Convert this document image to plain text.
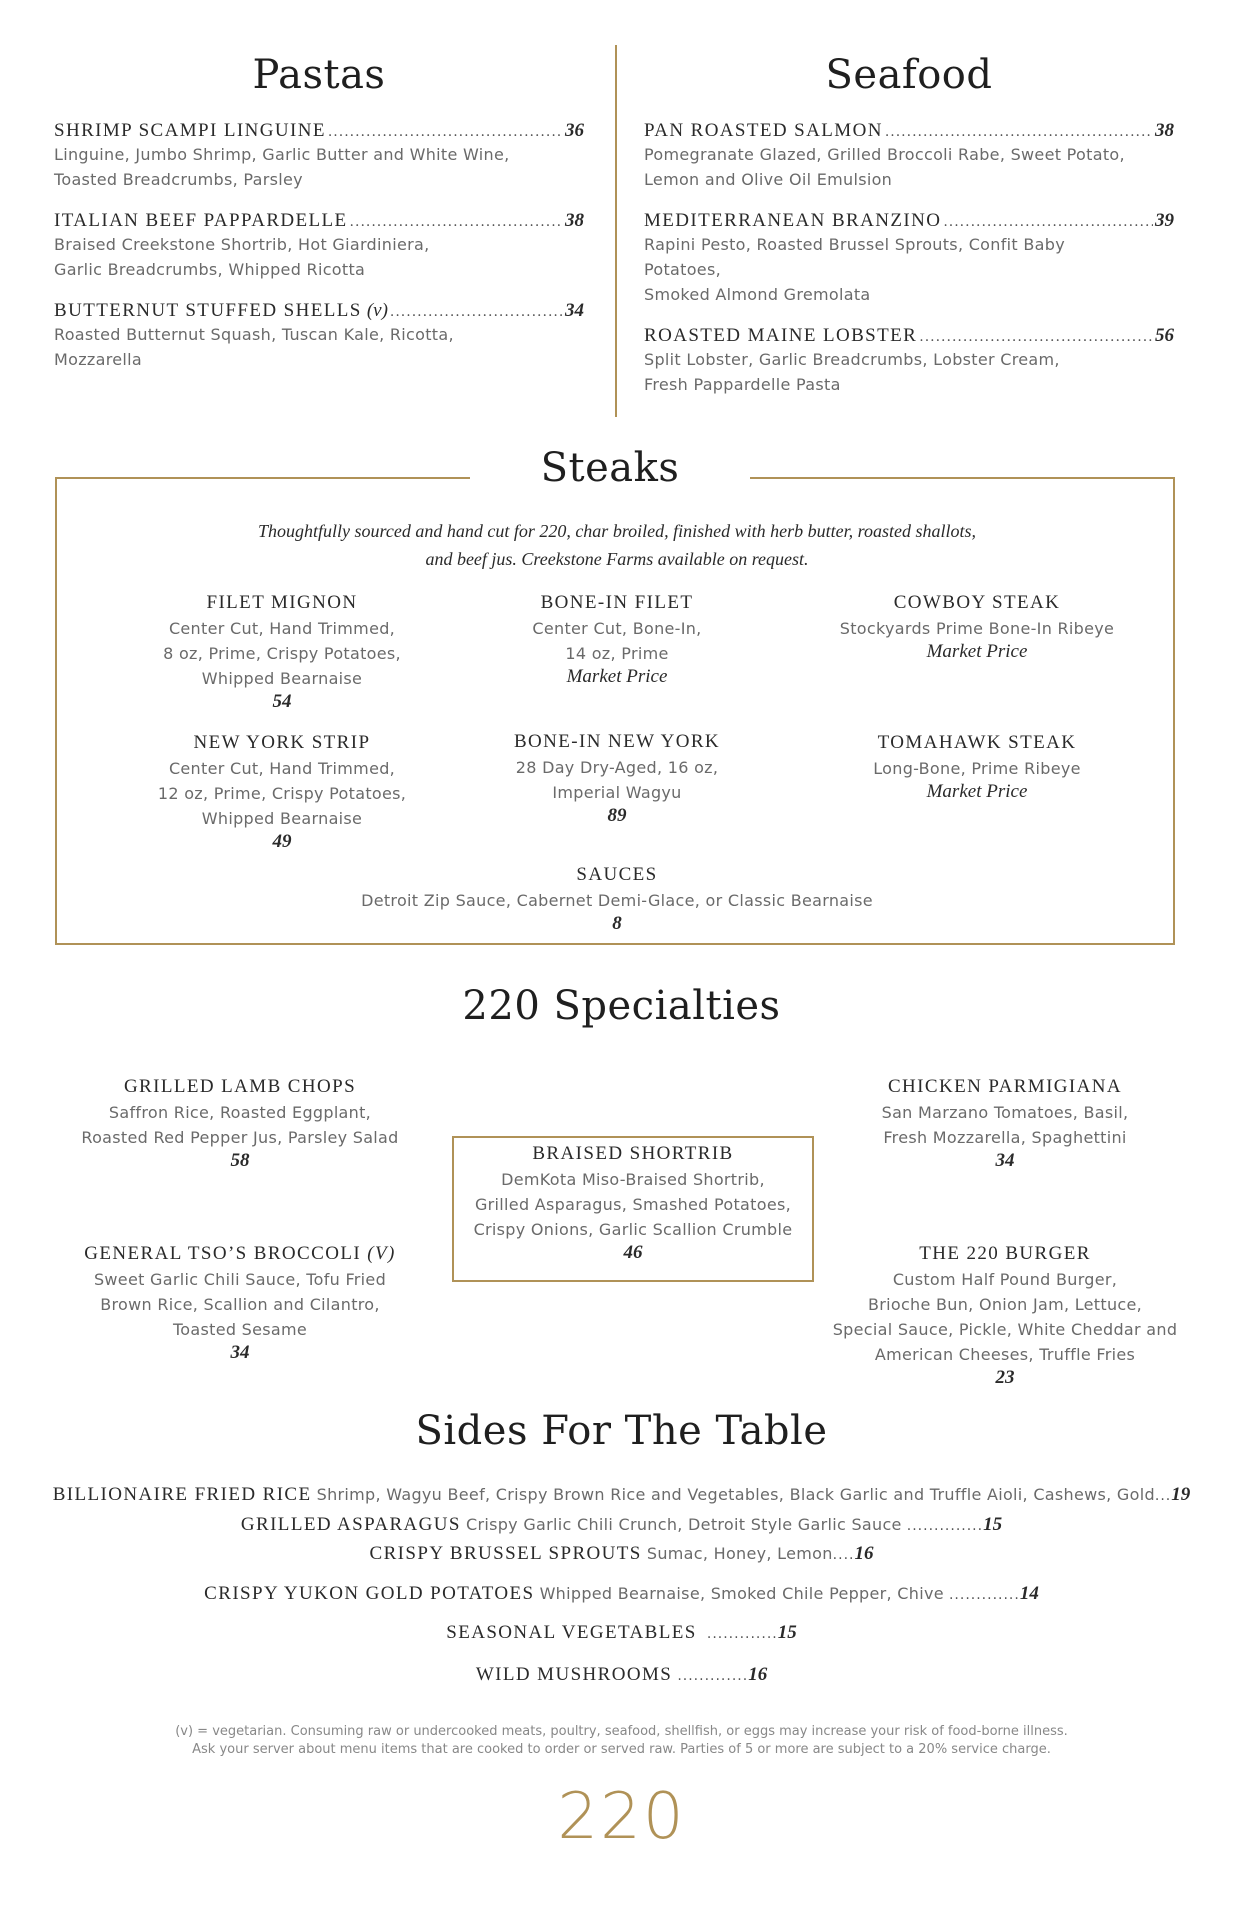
Pastas
SHRIMP SCAMPI LINGUINE .....	36
Linguine, Jumbo Shrimp, Garlic Butter and White Wine,
Toasted Breadcrumbs, Parsley
ITALIAN BEEF PAPPARDELLE .....	38
Braised Creekstone Shortrib, Hot Giardiniera,
Garlic Breadcrumbs, Whipped Ricotta
BUTTERNUT STUFFED SHELLS
(v) .....	34
Roasted Butternut Squash, Tuscan Kale, Ricotta,
Mozzarella
Seafood
PAN ROASTED SALMON .....	38
Pomegranate Glazed, Grilled Broccoli Rabe, Sweet Potato,
Lemon and Olive Oil Emulsion
MEDITERRANEAN BRANZINO .....	39
Rapini Pesto, Roasted Brussel Sprouts, Confit Baby Potatoes,
Smoked Almond Gremolata
ROASTED MAINE LOBSTER .....	56
Split Lobster, Garlic Breadcrumbs, Lobster Cream,
Fresh Pappardelle Pasta
Thoughtfully sourced and hand cut for 220, char broiled, finished with herb butter, roasted shallots,
and beef jus. Creekstone Farms available on request.
FILET MIGNON
Center Cut, Hand Trimmed,
8 oz, Prime, Crispy Potatoes,
Whipped Bearnaise
54
BONE-IN FILET
Center Cut, Bone-In,
14 oz, Prime
Market Price
COWBOY STEAK
Stockyards Prime Bone-In Ribeye
Market Price
NEW YORK STRIP
Center Cut, Hand Trimmed,
12 oz, Prime, Crispy Potatoes,
Whipped Bearnaise
49
BONE-IN NEW YORK
28 Day Dry-Aged, 16 oz,
Imperial Wagyu
89
TOMAHAWK STEAK
Long-Bone, Prime Ribeye
Market Price
SAUCES
Detroit Zip Sauce, Cabernet Demi-Glace, or Classic Bearnaise
8
Steaks
220 Specialties
GRILLED LAMB CHOPS
Saffron Rice, Roasted Eggplant,
Roasted Red Pepper Jus, Parsley Salad
58	BRAISED SHORTRIB
DemKota Miso-Braised Shortrib,
Grilled Asparagus, Smashed Potatoes,
Crispy Onions, Garlic Scallion Crumble
46
CHICKEN PARMIGIANA
San Marzano Tomatoes, Basil,
Fresh Mozzarella, Spaghettini
34
GENERAL TSO’S BROCCOLI (V)
Sweet Garlic Chili Sauce, Tofu Fried
Brown Rice, Scallion and Cilantro,
Toasted Sesame
34
THE 220 BURGER
Custom Half Pound Burger,
Brioche Bun, Onion Jam, Lettuce,
Special Sauce, Pickle, White Cheddar and
American Cheeses, Truffle Fries
23
Sides For The Table
BILLIONAIRE FRIED RICE Shrimp, Wagyu Beef, Crispy Brown Rice and Vegetables, Black Garlic and Truffle Aioli, Cashews, Gold...19
GRILLED ASPARAGUS Crispy Garlic Chili Crunch, Detroit Style Garlic Sauce ..............15
CRISPY BRUSSEL SPROUTS Sumac, Honey, Lemon....16
CRISPY YUKON GOLD POTATOES Whipped Bearnaise, Smoked Chile Pepper, Chive .............14
SEASONAL VEGETABLES .............15
WILD MUSHROOMS .............16
(v) = vegetarian. Consuming raw or undercooked meats, poultry, seafood, shellfish, or eggs may increase your risk of food-borne illness.
Ask your server about menu items that are cooked to order or served raw. Parties of 5 or more are subject to a 20% service charge.
220
